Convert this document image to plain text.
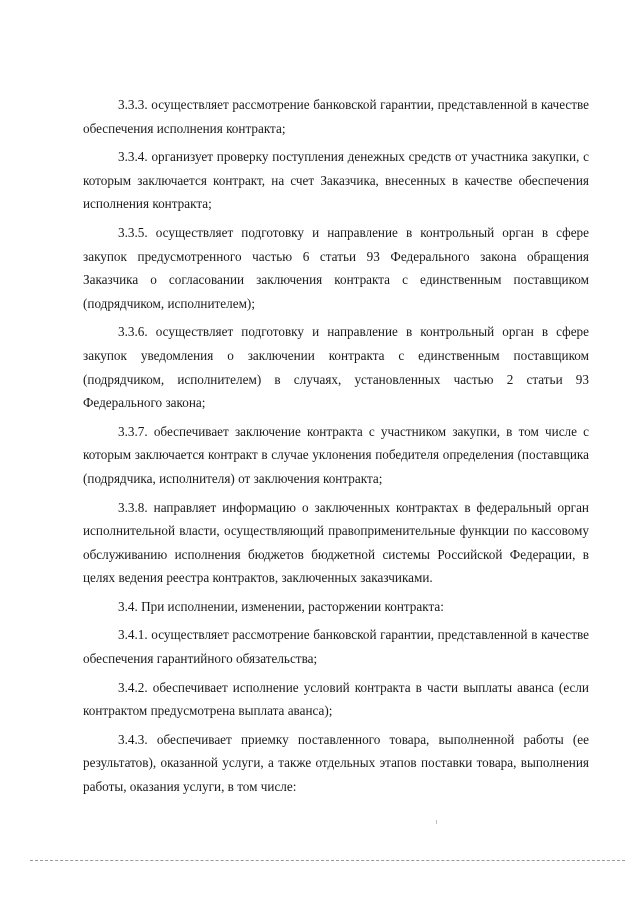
3.3.3. осуществляет рассмотрение банковской гарантии, представленной в качестве обеспечения исполнения контракта;

3.3.4. организует проверку поступления денежных средств от участника закупки, с которым заключается контракт, на счет Заказчика, внесенных в качестве обеспечения исполнения контракта;

3.3.5. осуществляет подготовку и направление в контрольный орган в сфере закупок предусмотренного частью 6 статьи 93 Федерального закона обращения Заказчика о согласовании заключения контракта с единственным поставщиком (подрядчиком, исполнителем);

3.3.6. осуществляет подготовку и направление в контрольный орган в сфере закупок уведомления о заключении контракта с единственным поставщиком (подрядчиком, исполнителем) в случаях, установленных частью 2 статьи 93 Федерального закона;

3.3.7. обеспечивает заключение контракта с участником закупки, в том числе с которым заключается контракт в случае уклонения победителя определения (поставщика (подрядчика, исполнителя) от заключения контракта;

3.3.8. направляет информацию о заключенных контрактах в федеральный орган исполнительной власти, осуществляющий правоприменительные функции по кассовому обслуживанию исполнения бюджетов бюджетной системы Российской Федерации, в целях ведения реестра контрактов, заключенных заказчиками.

3.4. При исполнении, изменении, расторжении контракта:

3.4.1. осуществляет рассмотрение банковской гарантии, представленной в качестве обеспечения гарантийного обязательства;

3.4.2. обеспечивает исполнение условий контракта в части выплаты аванса (если контрактом предусмотрена выплата аванса);

3.4.3. обеспечивает приемку поставленного товара, выполненной работы (ее результатов), оказанной услуги, а также отдельных этапов поставки товара, выполнения работы, оказания услуги, в том числе:
